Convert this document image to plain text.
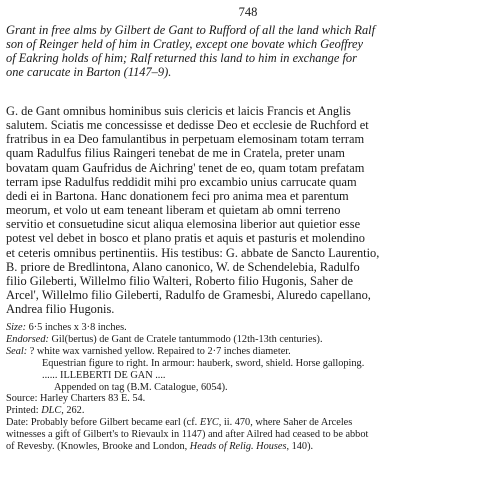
748
Grant in free alms by Gilbert de Gant to Rufford of all the land which Ralf
son of Reinger held of him in Cratley, except one bovate which Geoffrey
of Eakring holds of him; Ralf returned this land to him in exchange for
one carucate in Barton (1147–9).
G. de Gant omnibus hominibus suis clericis et laicis Francis et Anglis
salutem. Sciatis me concessisse et dedisse Deo et ecclesie de Ruchford et
fratribus in ea Deo famulantibus in perpetuam elemosinam totam terram
quam Radulfus filius Raingeri tenebat de me in Cratela, preter unam
bovatam quam Gaufridus de Aichring' tenet de eo, quam totam prefatam
terram ipse Radulfus reddidit mihi pro excambio unius carrucate quam
dedi ei in Bartona. Hanc donationem feci pro anima mea et parentum
meorum, et volo ut eam teneant liberam et quietam ab omni terreno
servitio et consuetudine sicut aliqua elemosina liberior aut quietior esse
potest vel debet in bosco et plano pratis et aquis et pasturis et molendino
et ceteris omnibus pertinentiis. His testibus: G. abbate de Sancto Laurentio,
B. priore de Bredlintona, Alano canonico, W. de Schendelebia, Radulfo
filio Gileberti, Willelmo filio Walteri, Roberto filio Hugonis, Saher de
Arcel', Willelmo filio Gileberti, Radulfo de Gramesbi, Aluredo capellano,
Andrea filio Hugonis.
Size: 6·5 inches x 3·8 inches.
Endorsed: Gil(bertus) de Gant de Cratele tantummodo (12th-13th centuries).
Seal: ? white wax varnished yellow. Repaired to 2·7 inches diameter.
Equestrian figure to right. In armour: hauberk, sword, shield. Horse galloping.
...... ILLEBERTI DE GAN ....
Appended on tag (B.M. Catalogue, 6054).
Source: Harley Charters 83 E. 54.
Printed: DLC, 262.
Date: Probably before Gilbert became earl (cf. EYC, ii. 470, where Saher de Arceles
witnesses a gift of Gilbert's to Rievaulx in 1147) and after Ailred had ceased to be abbot
of Revesby. (Knowles, Brooke and London, Heads of Relig. Houses, 140).
